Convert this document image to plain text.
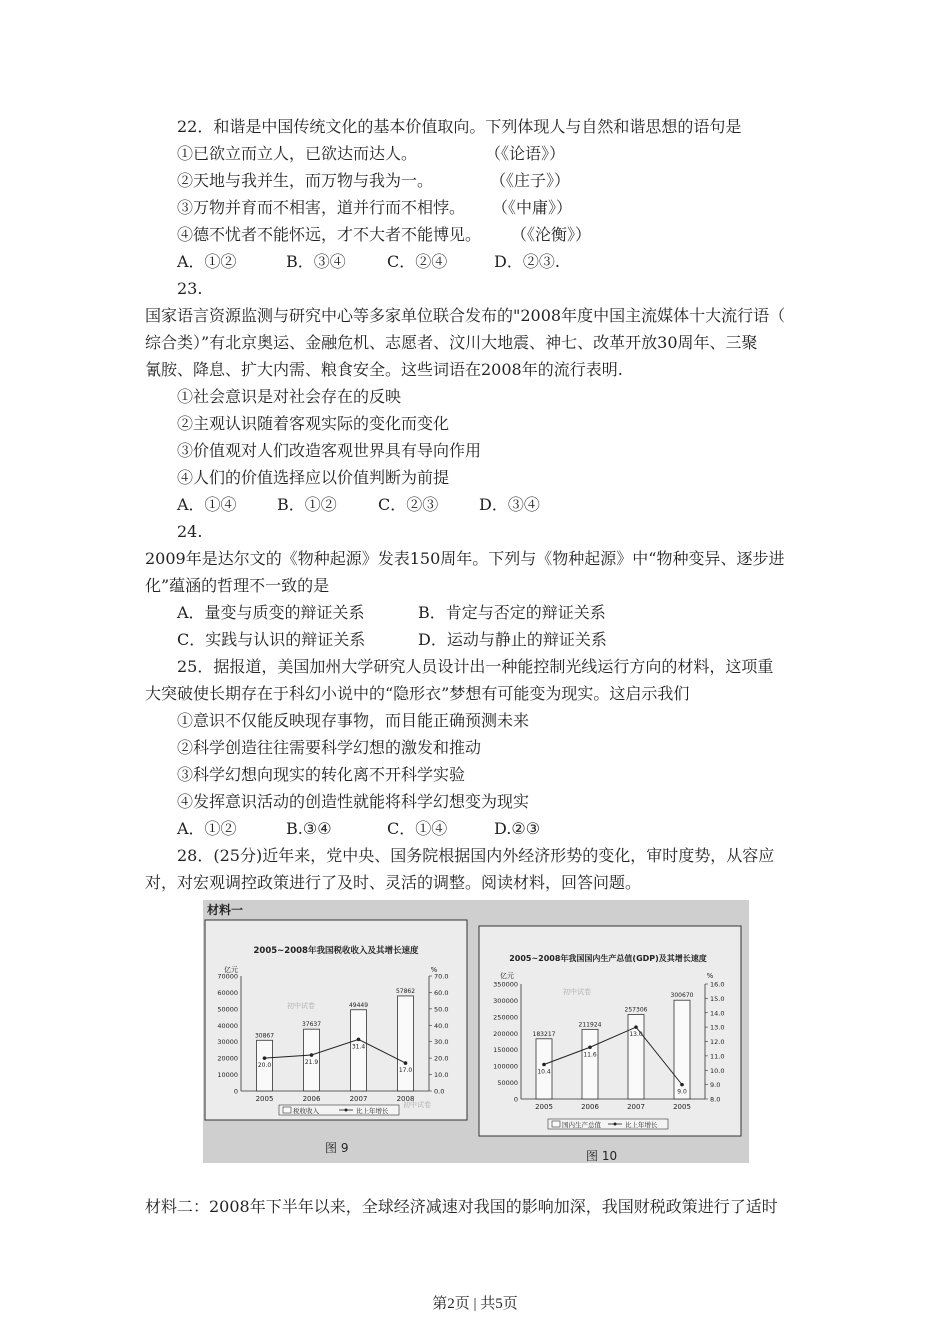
22．和谐是中国传统文化的基本价值取向。下列体现人与自然和谐思想的语句是
①已欲立而立人，已欲达而达人。	（《论语》）
②天地与我并生，而万物与我为一。	（《庄子》）
③万物并育而不相害，道并行而不相悖。 （《中庸》）
④德不忧者不能怀远，才不大者不能博见。 （《沦衡》）
A．①②	B．③④	C．②④	D．②③.
23.
国家语言资源监测与研究中心等多家单位联合发布的"2008年度中国主流媒体十大流行语（
综合类）”有北京奥运、金融危机、志愿者、汶川大地震、神七、改革开放30周年、三聚
氰胺、降息、扩大内需、粮食安全。这些词语在2008年的流行表明.
①社会意识是对社会存在的反映
②主观认识随着客观实际的变化而变化
③价值观对人们改造客观世界具有导向作用
④人们的价值选择应以价值判断为前提
A．①④	B．①②	C．②③	D．③④
24.
2009年是达尔文的《物种起源》发表150周年。下列与《物种起源》中“物种变异、逐步进
化”蕴涵的哲理不一致的是
A．量变与质变的辩证关系	B．肯定与否定的辩证关系
C．实践与认识的辩证关系	D．运动与静止的辩证关系
25．据报道，美国加州大学研究人员设计出一种能控制光线运行方向的材料，这项重
大突破使长期存在于科幻小说中的“隐形衣”梦想有可能变为现实。这启示我们
①意识不仅能反映现存事物，而目能正确预测未来
②科学创造往往需要科学幻想的激发和推动
③科学幻想向现实的转化离不开科学实验
④发挥意识活动的创造性就能将科学幻想变为现实
A．①②	B.③④	C．①④	D.②③
28．(25分)近年来，党中央、国务院根据国内外经济形势的变化，审时度势，从容应
对，对宏观调控政策进行了及时、灵活的调整。阅读材料，回答问题。
材料一
2005~2008年我国税收收入及其增长速度
亿元	%
初中试卷
70000
60000
50000
40000
30000
20000
10000
0
70.0
60.0
50.0
40.0
30.0
20.0
10.0
0.0
30867
2005
37637
2006
49449
2007
57862
2008
20.0	21.9
31.4
17.0
税收收入	比上年增长
2005~2008年我国国内生产总值(GDP)及其增长速度
亿元	%
初中试卷
350000
300000
250000
200000
150000
100000
50000
0
16.0
15.0
14.0
13.0
12.0
11.0
10.0
9.0
8.0
183217
2005
211924
2006
257306
2007
300670
2005
10.4
11.6
13.0
9.0
国内生产总值	比上年增长
初中试卷
图 9
图 10
材料二：2008年下半年以来，全球经济减速对我国的影响加深，我国财税政策进行了适时
第2页 | 共5页
